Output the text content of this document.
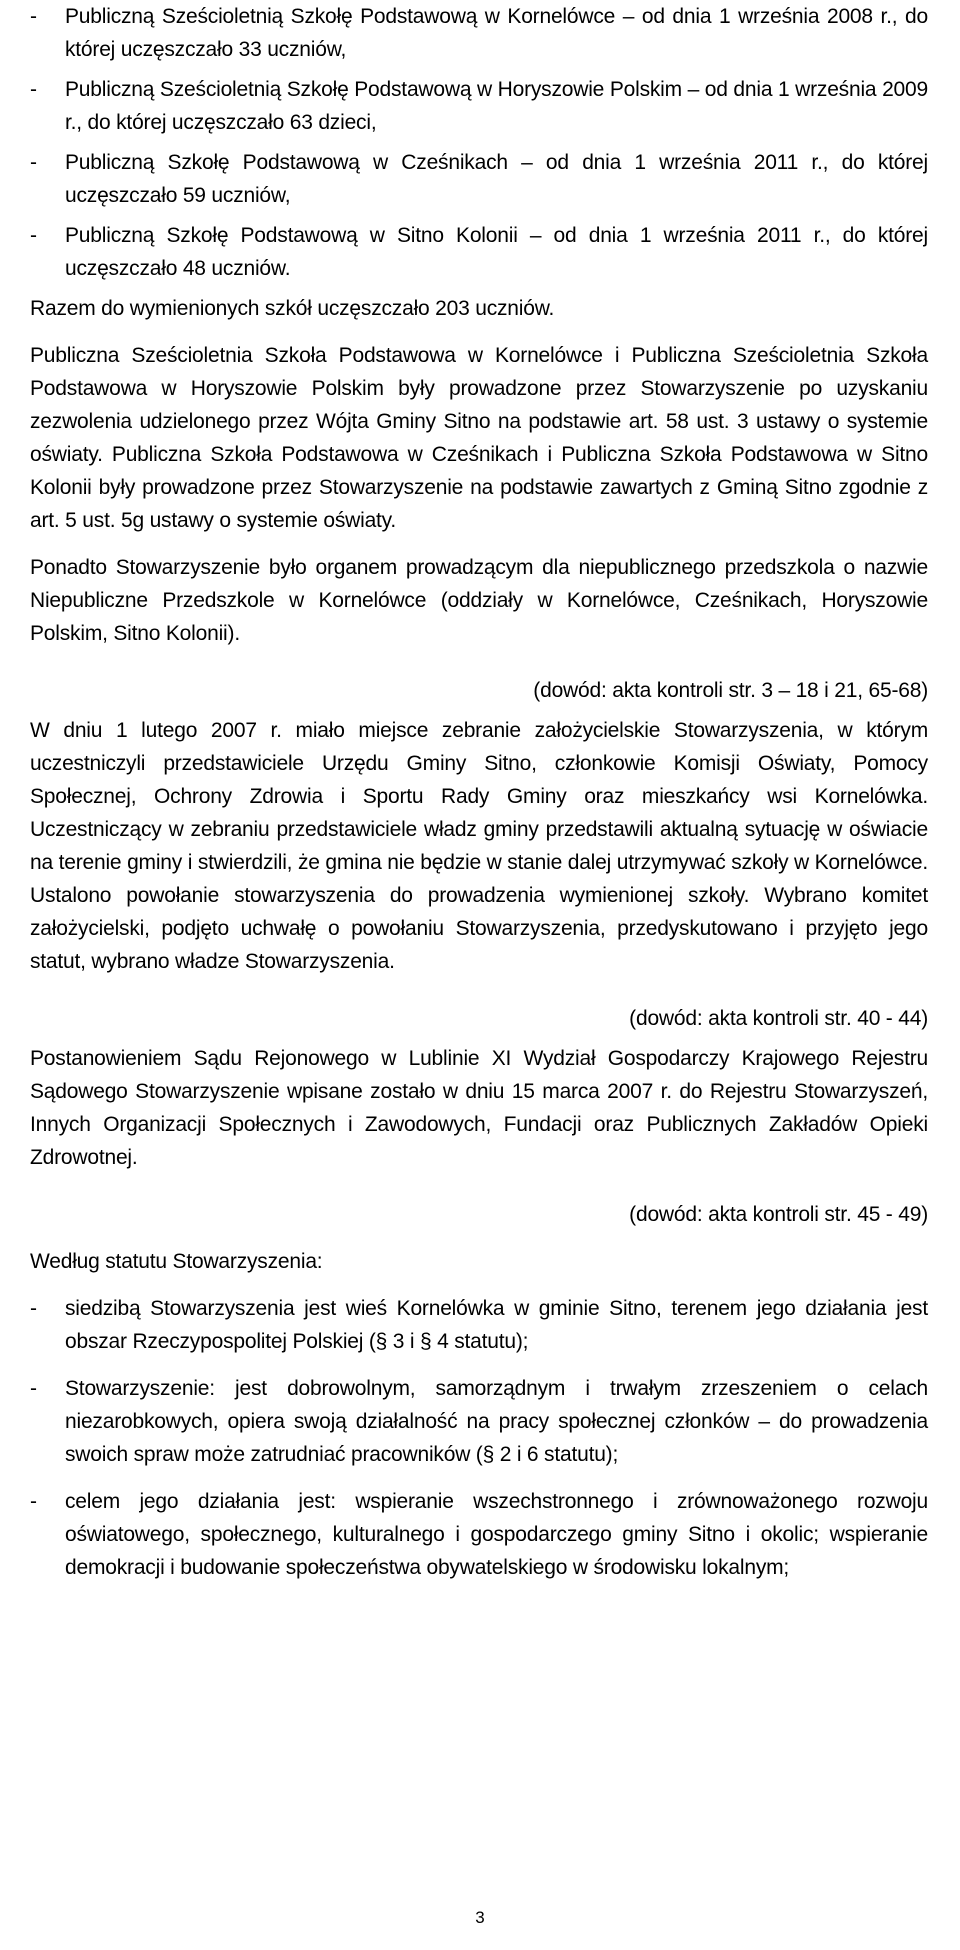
- Publiczną Sześcioletnią Szkołę Podstawową w Kornelówce – od dnia 1 września 2008 r., do której uczęszczało 33 uczniów,
- Publiczną Sześcioletnią Szkołę Podstawową w Horyszowie Polskim – od dnia 1 września 2009 r., do której uczęszczało 63 dzieci,
- Publiczną Szkołę Podstawową w Cześnikach – od dnia 1 września 2011 r., do której uczęszczało 59 uczniów,
- Publiczną Szkołę Podstawową w Sitno Kolonii – od dnia 1 września 2011 r., do której uczęszczało 48 uczniów.

Razem do wymienionych szkół uczęszczało 203 uczniów.

Publiczna Sześcioletnia Szkoła Podstawowa w Kornelówce i Publiczna Sześcioletnia Szkoła Podstawowa w Horyszowie Polskim były prowadzone przez Stowarzyszenie po uzyskaniu zezwolenia udzielonego przez Wójta Gminy Sitno na podstawie art. 58 ust. 3 ustawy o systemie oświaty. Publiczna Szkoła Podstawowa w Cześnikach i Publiczna Szkoła Podstawowa w Sitno Kolonii były prowadzone przez Stowarzyszenie na podstawie zawartych z Gminą Sitno zgodnie z art. 5 ust. 5g ustawy o systemie oświaty.

Ponadto Stowarzyszenie było organem prowadzącym dla niepublicznego przedszkola o nazwie Niepubliczne Przedszkole w Kornelówce (oddziały w Kornelówce, Cześnikach, Horyszowie Polskim, Sitno Kolonii).

(dowód: akta kontroli str. 3 – 18 i 21, 65-68)

W dniu 1 lutego 2007 r. miało miejsce zebranie założycielskie Stowarzyszenia, w którym uczestniczyli przedstawiciele Urzędu Gminy Sitno, członkowie Komisji Oświaty, Pomocy Społecznej, Ochrony Zdrowia i Sportu Rady Gminy oraz mieszkańcy wsi Kornelówka. Uczestniczący w zebraniu przedstawiciele władz gminy przedstawili aktualną sytuację w oświacie na terenie gminy i stwierdzili, że gmina nie będzie w stanie dalej utrzymywać szkoły w Kornelówce. Ustalono powołanie stowarzyszenia do prowadzenia wymienionej szkoły. Wybrano komitet założycielski, podjęto uchwałę o powołaniu Stowarzyszenia, przedyskutowano i przyjęto jego statut, wybrano władze Stowarzyszenia.

(dowód: akta kontroli str. 40 - 44)

Postanowieniem Sądu Rejonowego w Lublinie XI Wydział Gospodarczy Krajowego Rejestru Sądowego Stowarzyszenie wpisane zostało w dniu 15 marca 2007 r. do Rejestru Stowarzyszeń, Innych Organizacji Społecznych i Zawodowych, Fundacji oraz Publicznych Zakładów Opieki Zdrowotnej.

(dowód: akta kontroli str. 45 - 49)

Według statutu Stowarzyszenia:

- siedzibą Stowarzyszenia jest wieś Kornelówka w gminie Sitno, terenem jego działania jest obszar Rzeczypospolitej Polskiej (§ 3 i § 4 statutu);
- Stowarzyszenie: jest dobrowolnym, samorządnym i trwałym zrzeszeniem o celach niezarobkowych, opiera swoją działalność na pracy społecznej członków – do prowadzenia swoich spraw może zatrudniać pracowników (§ 2 i 6 statutu);
- celem jego działania jest: wspieranie wszechstronnego i zrównoważonego rozwoju oświatowego, społecznego, kulturalnego i gospodarczego gminy Sitno i okolic; wspieranie demokracji i budowanie społeczeństwa obywatelskiego w środowisku lokalnym;
3
